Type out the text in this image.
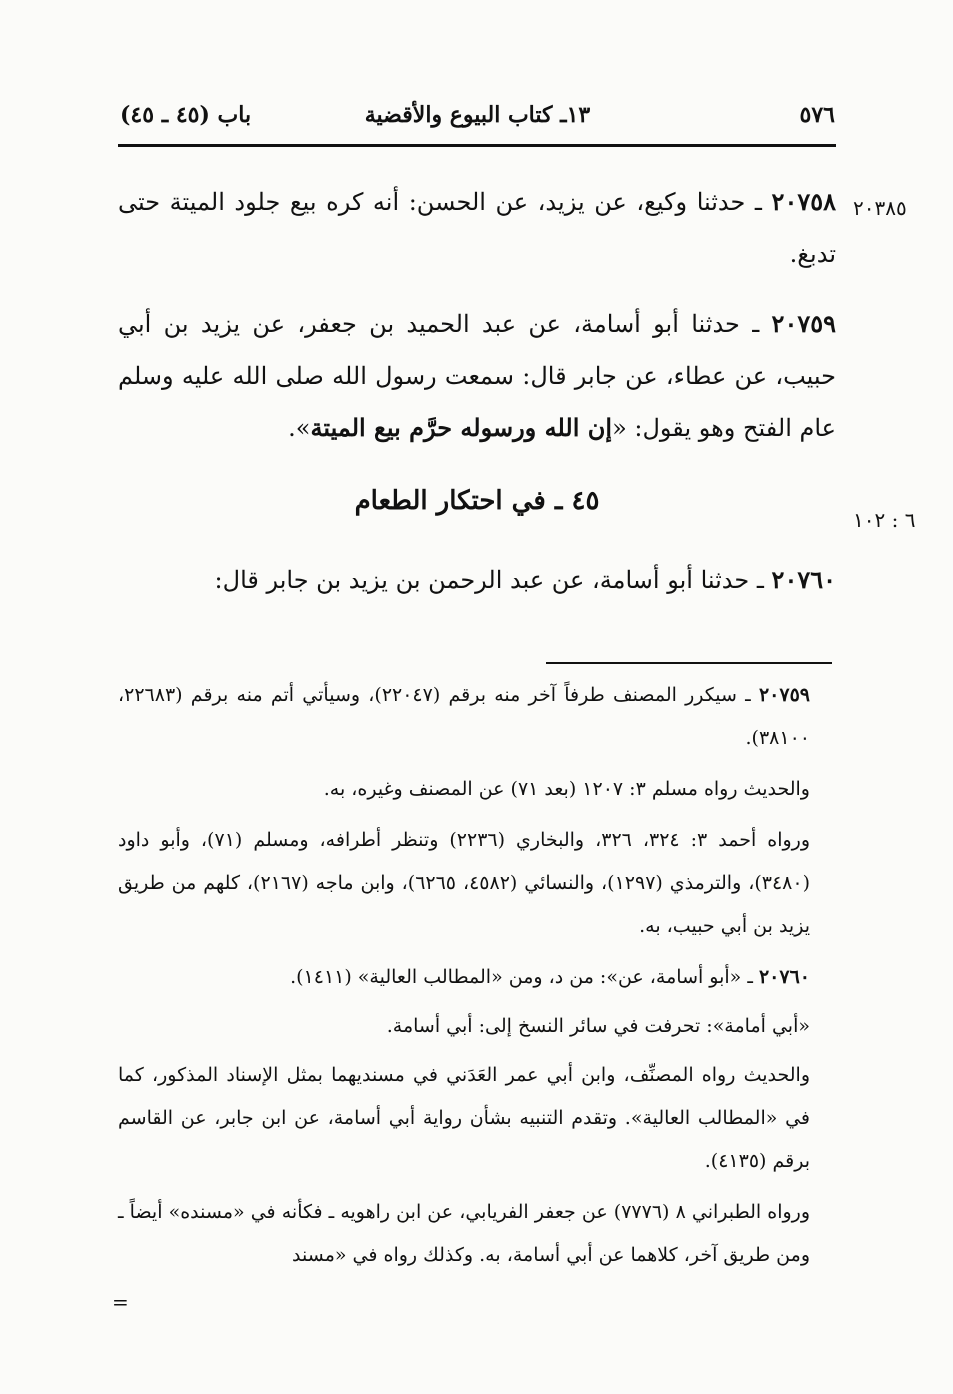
٥٧٦
١٣ـ كتاب البيوع والأقضية
باب (٤٥ ـ ٤٥)
٢٠٣٨٥
٦ : ١٠٢

٢٠٧٥٨ ـ حدثنا وكيع، عن يزيد، عن الحسن: أنه كره بيع جلود الميتة حتى تدبغ.

٢٠٧٥٩ ـ حدثنا أبو أسامة، عن عبد الحميد بن جعفر، عن يزيد بن أبي حبيب، عن عطاء، عن جابر قال: سمعت رسول الله صلى الله عليه وسلم عام الفتح وهو يقول: «إن الله ورسوله حرَّم بيع الميتة».

٤٥ ـ في احتكار الطعام

٢٠٧٦٠ ـ حدثنا أبو أسامة، عن عبد الرحمن بن يزيد بن جابر قال:

٢٠٧٥٩ ـ سيكرر المصنف طرفاً آخر منه برقم (٢٢٠٤٧)، وسيأتي أتم منه برقم (٢٢٦٨٣، ٣٨١٠٠).

والحديث رواه مسلم ٣: ١٢٠٧ (بعد ٧١) عن المصنف وغيره، به.

ورواه أحمد ٣: ٣٢٤، ٣٢٦، والبخاري (٢٢٣٦) وتنظر أطرافه، ومسلم (٧١)، وأبو داود (٣٤٨٠)، والترمذي (١٢٩٧)، والنسائي (٤٥٨٢، ٦٢٦٥)، وابن ماجه (٢١٦٧)، كلهم من طريق يزيد بن أبي حبيب، به.

٢٠٧٦٠ ـ «أبو أسامة، عن»: من د، ومن «المطالب العالية» (١٤١١).

«أبي أمامة»: تحرفت في سائر النسخ إلى: أبي أسامة.

والحديث رواه المصنِّف، وابن أبي عمر العَدَني في مسنديهما بمثل الإسناد المذكور، كما في «المطالب العالية». وتقدم التنبيه بشأن رواية أبي أسامة، عن ابن جابر، عن القاسم برقم (٤١٣٥).

ورواه الطبراني ٨ (٧٧٧٦) عن جعفر الفريابي، عن ابن راهويه ـ فكأنه في «مسنده» أيضاً ـ ومن طريق آخر، كلاهما عن أبي أسامة، به. وكذلك رواه في «مسند

=
